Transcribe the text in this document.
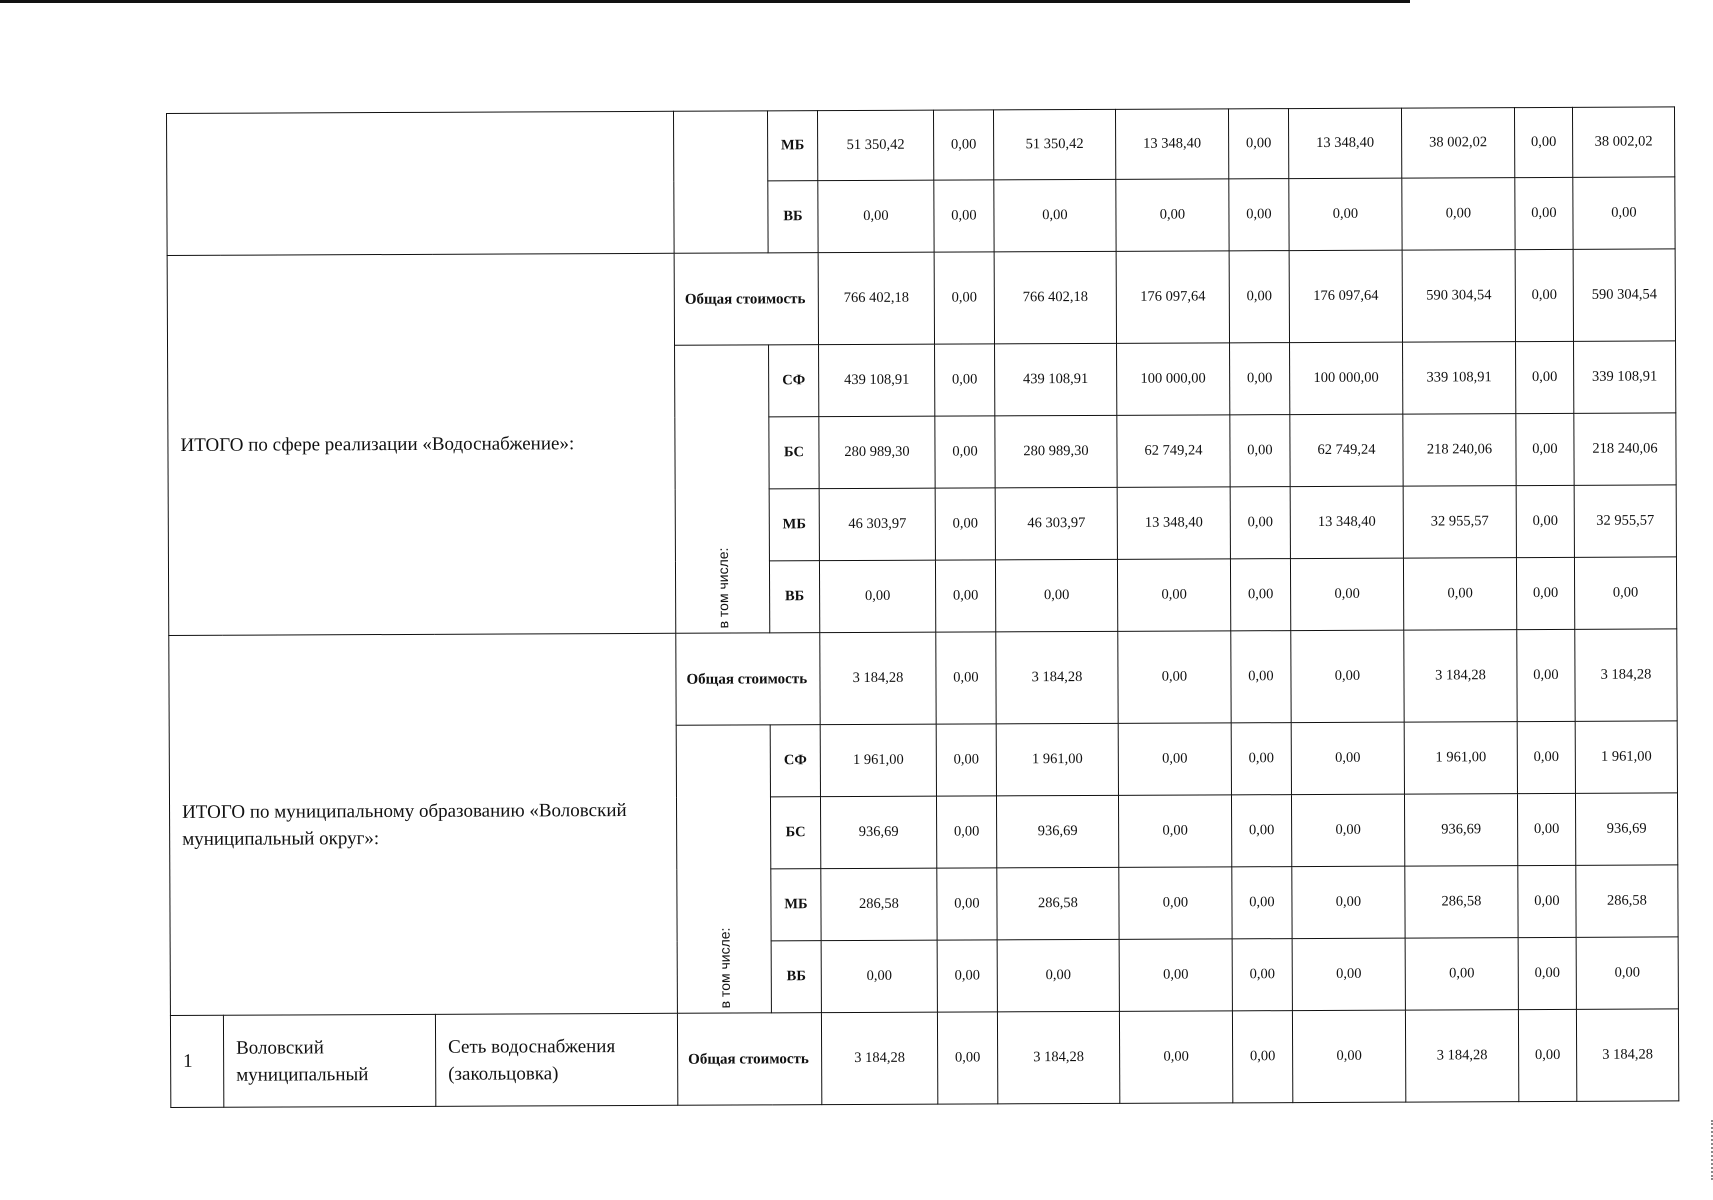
				МБ	51 350,42	0,00	51 350,42	13 348,40	0,00	13 348,40	38 002,02	0,00	38 002,02
				ВБ	0,00	0,00	0,00	0,00	0,00	0,00	0,00	0,00	0,00
ИТОГО по сфере реализации «Водоснабжение»:			Общая стоимость		766 402,18	0,00	766 402,18	176 097,64	0,00	176 097,64	590 304,54	0,00	590 304,54

			в том числе:	СФ	439 108,91	0,00	439 108,91	100 000,00	0,00	100 000,00	339 108,91	0,00	339 108,91
				БС	280 989,30	0,00	280 989,30	62 749,24	0,00	62 749,24	218 240,06	0,00	218 240,06
				МБ	46 303,97	0,00	46 303,97	13 348,40	0,00	13 348,40	32 955,57	0,00	32 955,57
				ВБ	0,00	0,00	0,00	0,00	0,00	0,00	0,00	0,00	0,00
ИТОГО по муниципальному образованию «Воловский муниципальный округ»:			Общая стоимость		3 184,28	0,00	3 184,28	0,00	0,00	0,00	3 184,28	0,00	3 184,28

			в том числе:	СФ	1 961,00	0,00	1 961,00	0,00	0,00	0,00	1 961,00	0,00	1 961,00
				БС	936,69	0,00	936,69	0,00	0,00	0,00	936,69	0,00	936,69
				МБ	286,58	0,00	286,58	0,00	0,00	0,00	286,58	0,00	286,58
				ВБ	0,00	0,00	0,00	0,00	0,00	0,00	0,00	0,00	0,00
1	Воловский муниципальный	Сеть водоснабжения (закольцовка)	Общая стоимость		3 184,28	0,00	3 184,28	0,00	0,00	0,00	3 184,28	0,00	3 184,28
